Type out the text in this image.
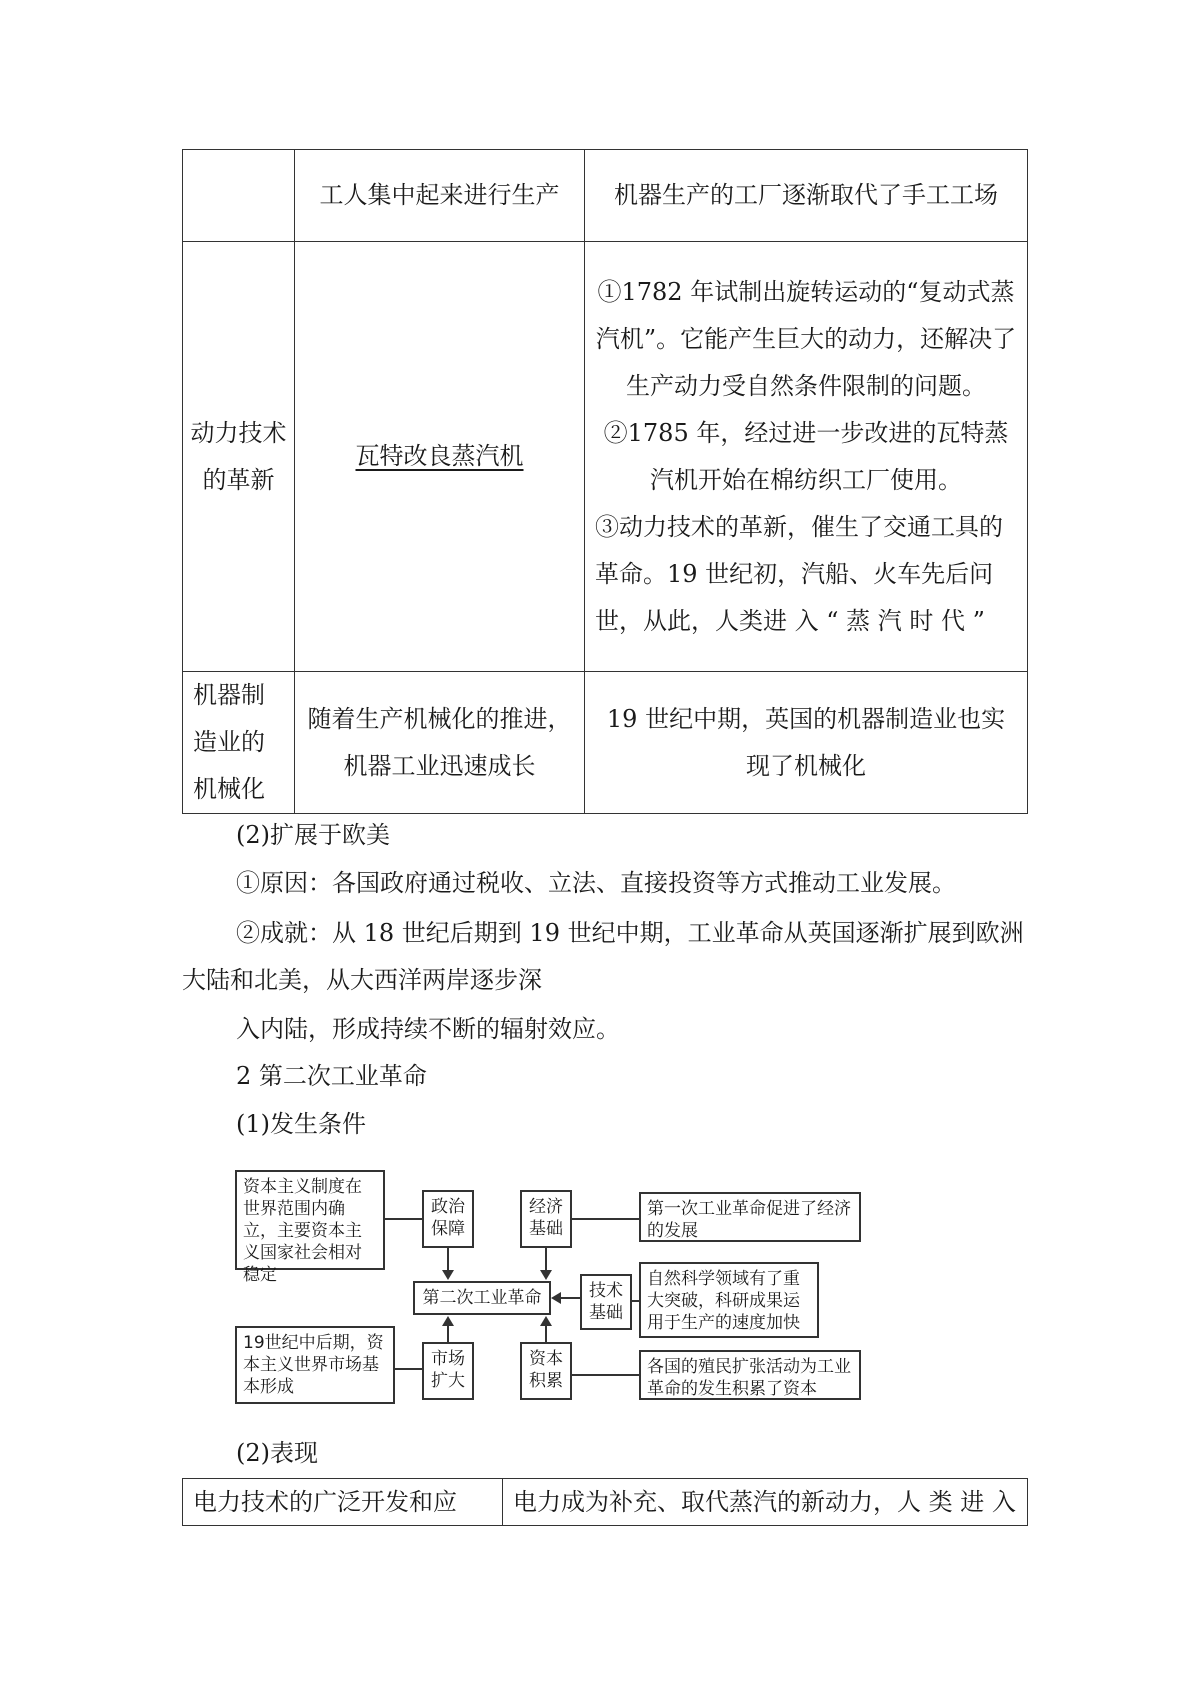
	工人集中起来进行生产	机器生产的工厂逐渐取代了手工工场
动力技术的革新	瓦特改良蒸汽机	①1782 年试制出旋转运动的“复动式蒸汽机”。它能产生巨大的动力，还解决了生产动力受自然条件限制的问题。
②1785 年，经过进一步改进的瓦特蒸汽机开始在棉纺织工厂使用。
③动力技术的革新，催生了交通工具的革命。19 世纪初，汽船、火车先后问世，从此，人类进 入 “ 蒸 汽 时 代 ”

机器制造业的机械化	随着生产机械化的推进，机器工业迅速成长	19 世纪中期，英国的机器制造业也实现了机械化
(2)扩展于欧美
①原因：各国政府通过税收、立法、直接投资等方式推动工业发展。
②成就：从 18 世纪后期到 19 世纪中期，工业革命从英国逐渐扩展到欧洲大陆和北美，从大西洋两岸逐步深
入内陆，形成持续不断的辐射效应。
2 第二次工业革命
(1)发生条件
资本主义制度在世界范围内确立，主要资本主义国家社会相对稳定
政治保障
经济基础
第一次工业革命促进了经济的发展
第二次工业革命	技术基础
自然科学领域有了重大突破，科研成果运用于生产的速度加快
19世纪中后期，资本主义世界市场基本形成
市场扩大
资本积累
各国的殖民扩张活动为工业革命的发生积累了资本
(2)表现
电力技术的广泛开发和应	电力成为补充、取代蒸汽的新动力，人 类 进 入
